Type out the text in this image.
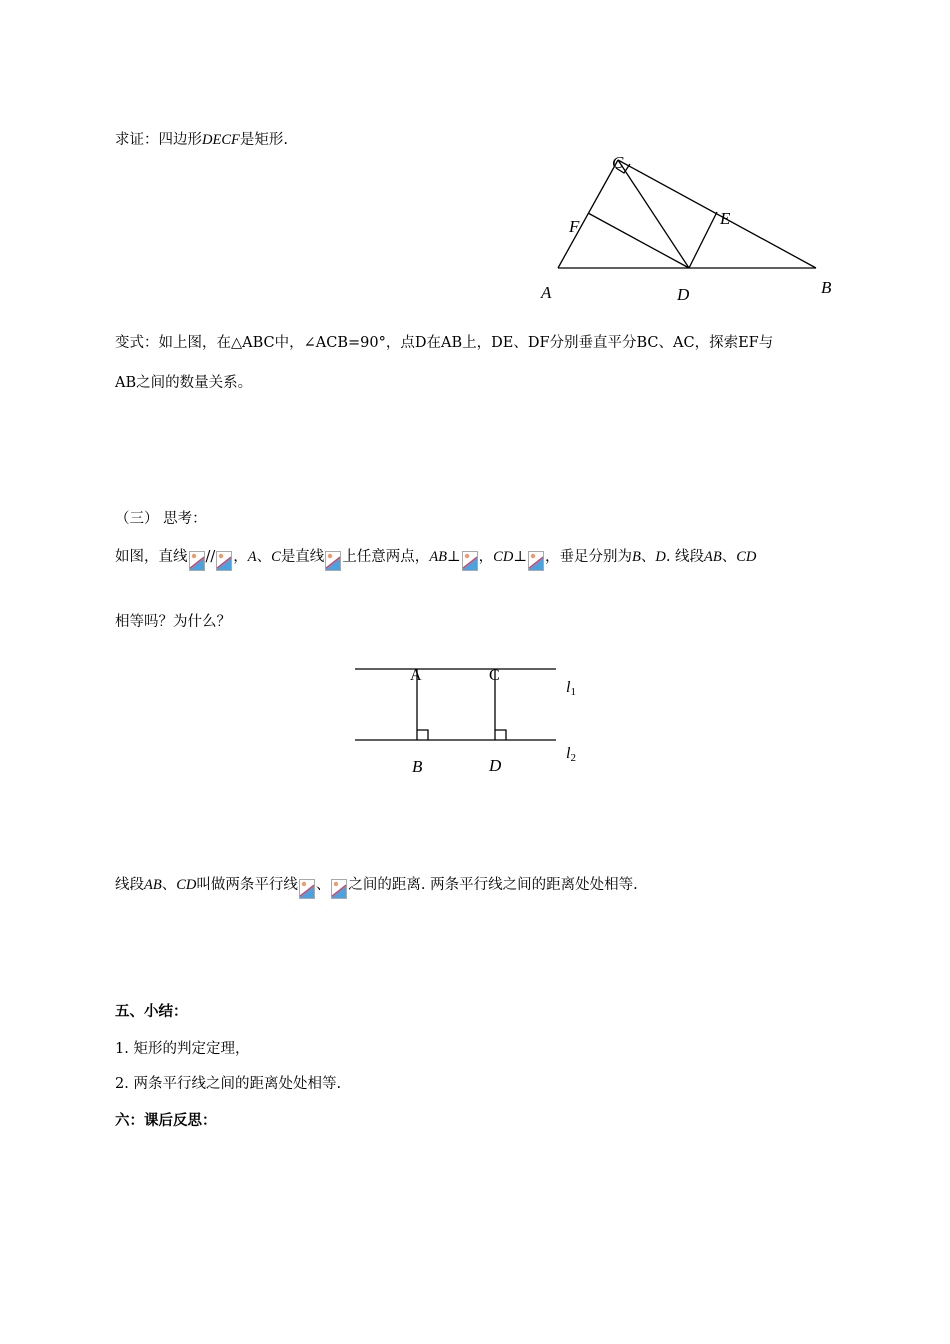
求证：四边形DECF是矩形.
C
F	E
A	D	B
变式：如上图，在△ABC中，∠ACB=90°，点D在AB上，DE、DF分别垂直平分BC、AC，探索EF与
AB之间的数量关系。
（三） 思考：
如图，直线 // ，A、C是直线 上任意两点，AB⊥ ，CD⊥ ，垂足分别为B、D. 线段AB、CD
相等吗？为什么？
A	C
l1
l2
B	D
线段AB、CD叫做两条平行线 、 之间的距离. 两条平行线之间的距离处处相等.
五、小结：
1. 矩形的判定定理，
2. 两条平行线之间的距离处处相等.
六：课后反思：
